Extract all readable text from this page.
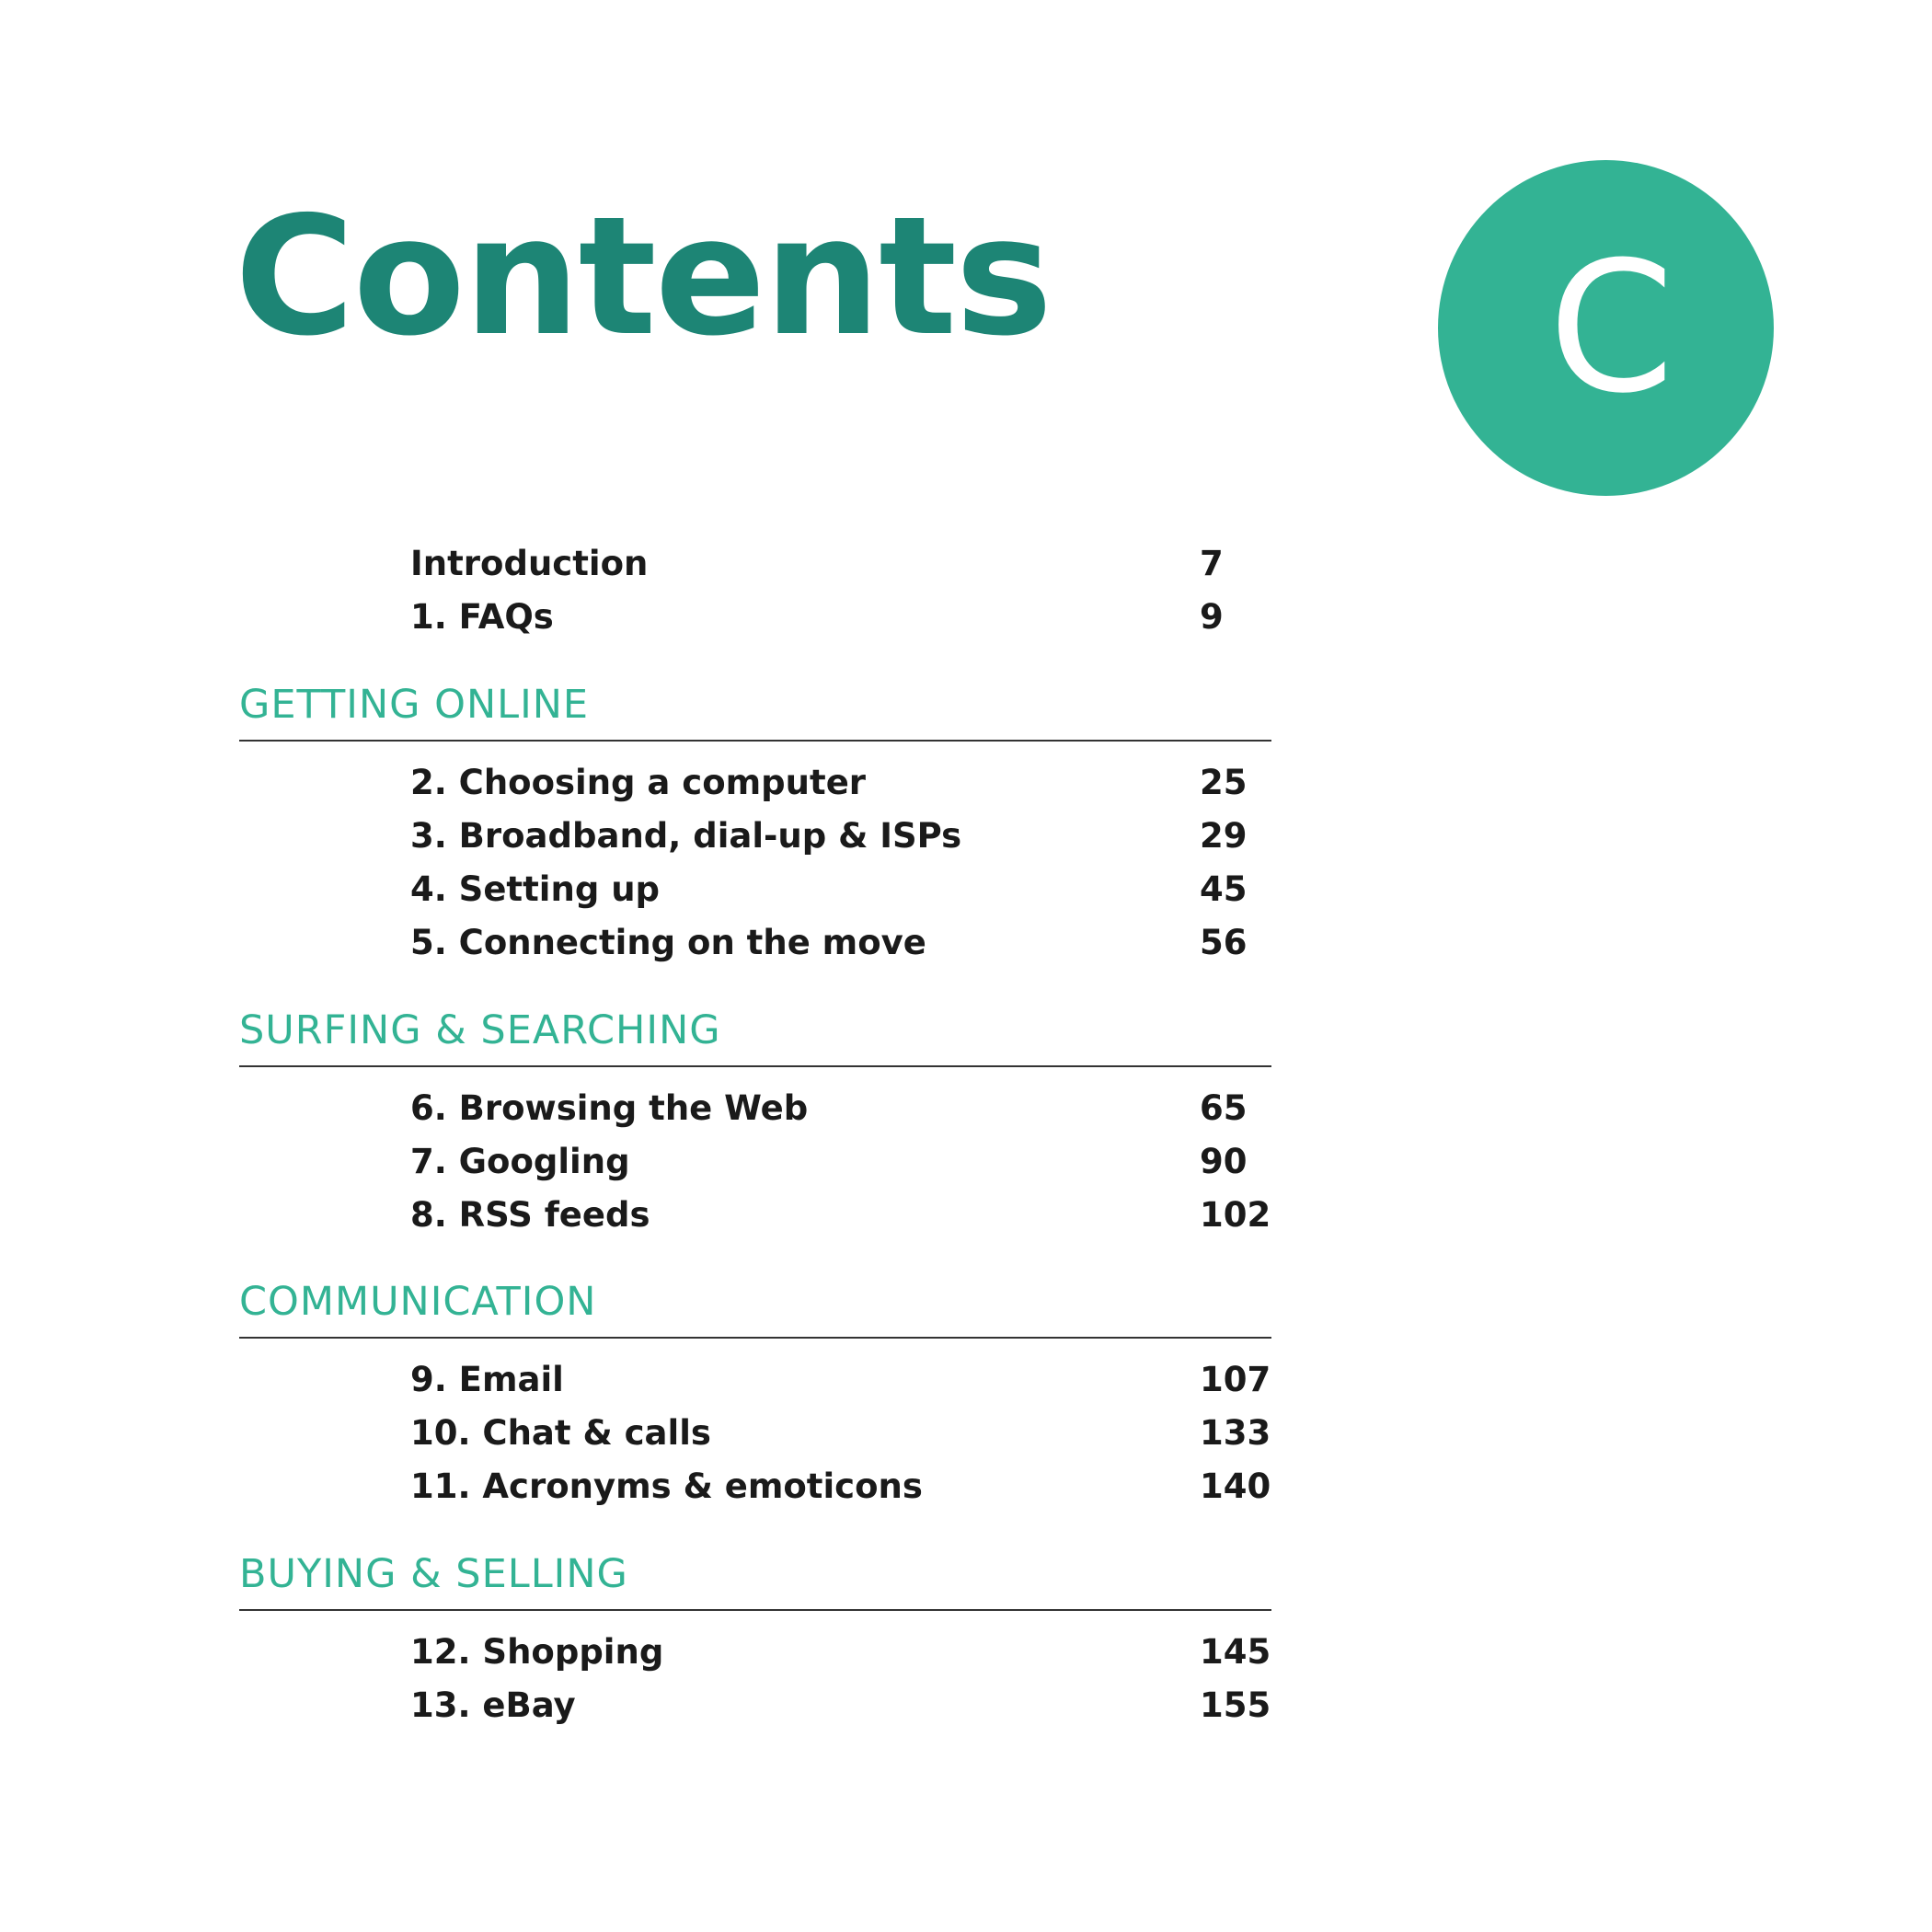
Contents	C
Introduction	7
1. FAQs	9
GETTING ONLINE
2. Choosing a computer	25
3. Broadband, dial-up & ISPs	29
4. Setting up	45
5. Connecting on the move	56
SURFING & SEARCHING
6. Browsing the Web	65
7. Googling	90
8. RSS feeds	102
COMMUNICATION
9. Email	107
10. Chat & calls	133
11. Acronyms & emoticons	140
BUYING & SELLING
12. Shopping	145
13. eBay	155
